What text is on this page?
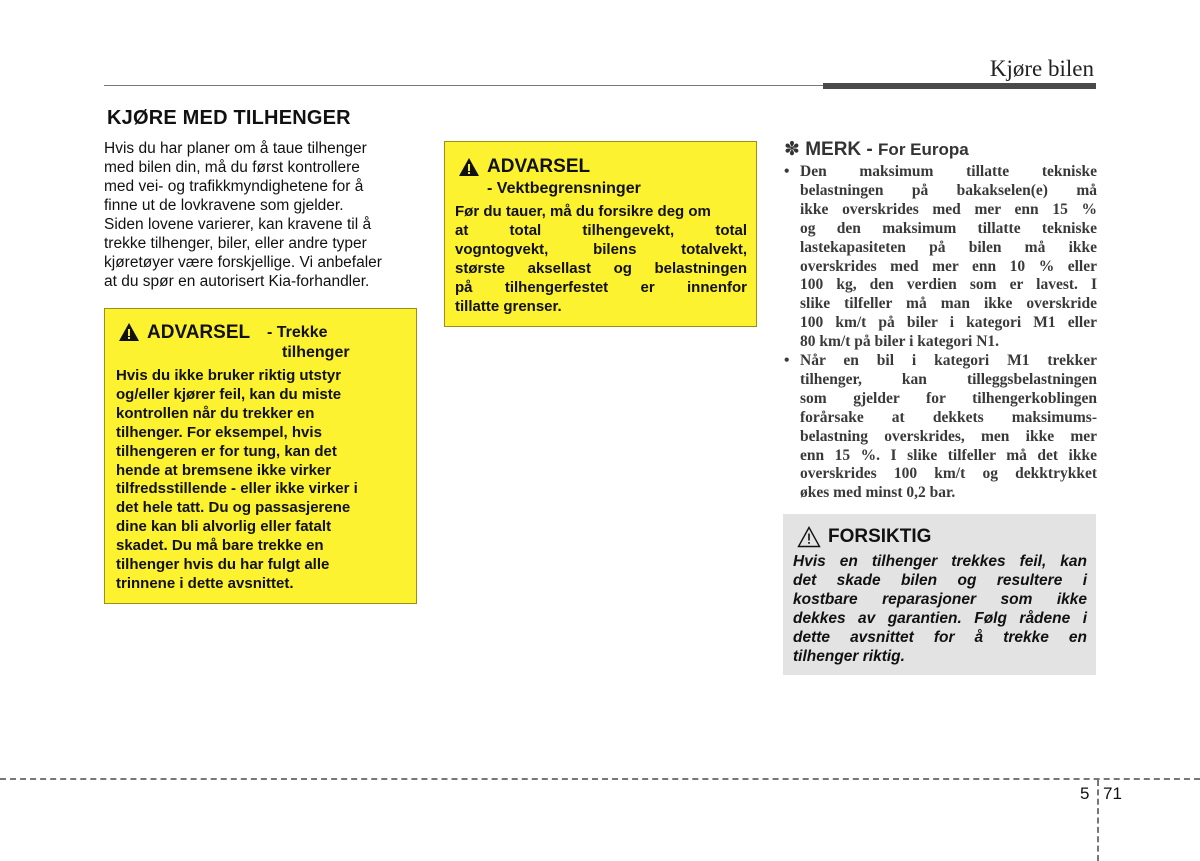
Kjøre bilen
KJØRE MED TILHENGER
Hvis du har planer om å taue tilhenger
med bilen din, må du først kontrollere
med vei- og trafikkmyndighetene for å
finne ut de lovkravene som gjelder.
Siden lovene varierer, kan kravene til å
trekke tilhenger, biler, eller andre typer
kjøretøyer være forskjellige. Vi anbefaler
at du spør en autorisert Kia-forhandler.
ADVARSEL - Trekke
tilhenger
Hvis du ikke bruker riktig utstyr
og/eller kjører feil, kan du miste
kontrollen når du trekker en
tilhenger. For eksempel, hvis
tilhengeren er for tung, kan det
hende at bremsene ikke virker
tilfredsstillende - eller ikke virker i
det hele tatt. Du og passasjerene
dine kan bli alvorlig eller fatalt
skadet. Du må bare trekke en
tilhenger hvis du har fulgt alle
trinnene i dette avsnittet.
ADVARSEL
- Vektbegrensninger
Før du tauer, må du forsikre deg om
at total tilhengevekt, total
vogntogvekt, bilens totalvekt,
største aksellast og belastningen
på tilhengerfestet er innenfor
tillatte grenser.
✽ MERK - For Europa
• Den maksimum tillatte tekniske
belastningen på bakakselen(e) må
ikke overskrides med mer enn 15 %
og den maksimum tillatte tekniske
lastekapasiteten på bilen må ikke
overskrides med mer enn 10 % eller
100 kg, den verdien som er lavest. I
slike tilfeller må man ikke overskride
100 km/t på biler i kategori M1 eller
80 km/t på biler i kategori N1.
• Når en bil i kategori M1 trekker
tilhenger, kan tilleggsbelastningen
som gjelder for tilhengerkoblingen
forårsake at dekkets maksimums-
belastning overskrides, men ikke mer
enn 15 %. I slike tilfeller må det ikke
overskrides 100 km/t og dekktrykket
økes med minst 0,2 bar.
FORSIKTIG
Hvis en tilhenger trekkes feil, kan
det skade bilen og resultere i
kostbare reparasjoner som ikke
dekkes av garantien. Følg rådene i
dette avsnittet for å trekke en
tilhenger riktig.
5 71
